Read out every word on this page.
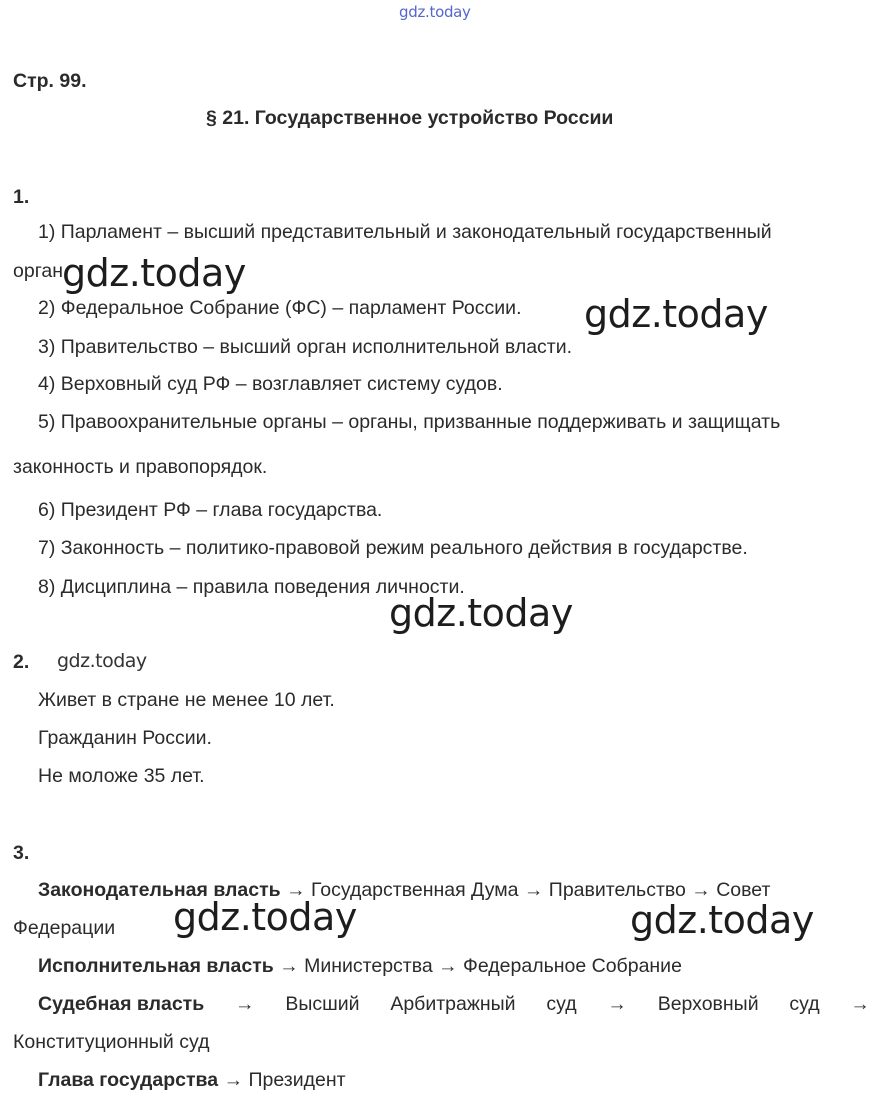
gdz.today
Стр. 99.
§ 21. Государственное устройство России
1.
1) Парламент – высший представительный и законодательный государственный
орган.
2) Федеральное Собрание (ФС) – парламент России.
3) Правительство – высший орган исполнительной власти.
4) Верховный суд РФ – возглавляет систему судов.
5) Правоохранительные органы – органы, призванные поддерживать и защищать
законность и правопорядок.
6) Президент РФ – глава государства.
7) Законность – политико-правовой режим реального действия в государстве.
8) Дисциплина – правила поведения личности.
2.
Живет в стране не менее 10 лет.
Гражданин России.
Не моложе 35 лет.
3.
Законодательная власть → Государственная Дума → Правительство → Совет
Федерации
Исполнительная власть → Министерства → Федеральное Собрание
Судебная власть → Высший Арбитражный суд → Верховный суд →
Конституционный суд
Глава государства → Президент
gdz.today
gdz.today
gdz.today
gdz.today
gdz.today	gdz.today
